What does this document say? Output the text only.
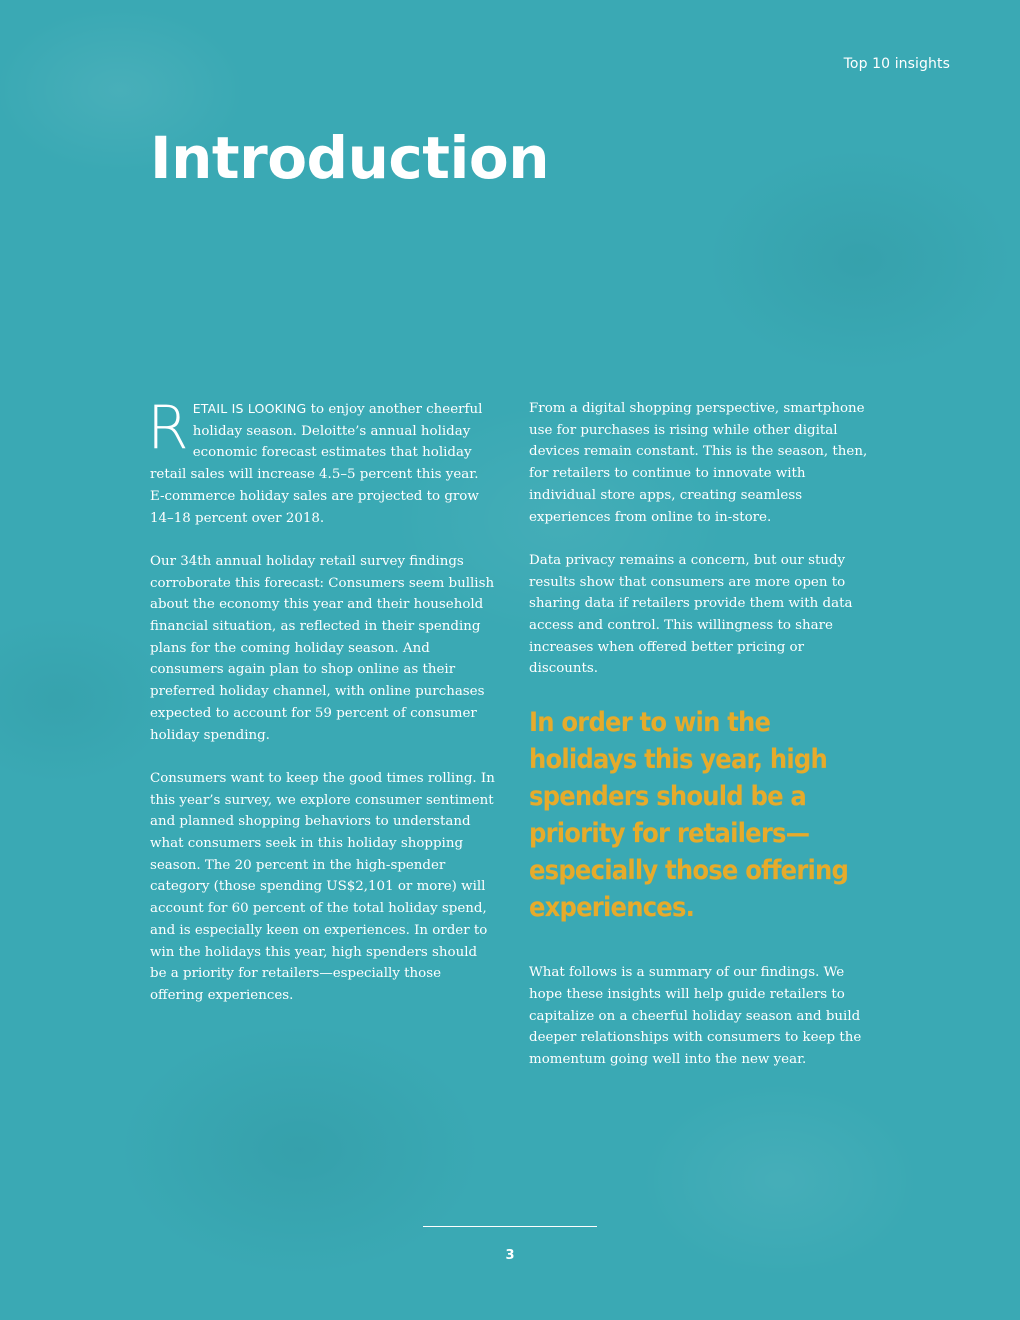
Top 10 insights
Introduction

RETAIL IS LOOKING to enjoy another cheerful holiday season. Deloitte’s annual holiday economic forecast estimates that holiday retail sales will increase 4.5–5 percent this year. E-commerce holiday sales are projected to grow 14–18 percent over 2018.

Our 34th annual holiday retail survey findings corroborate this forecast: Consumers seem bullish about the economy this year and their household financial situation, as reflected in their spending plans for the coming holiday season. And consumers again plan to shop online as their preferred holiday channel, with online purchases expected to account for 59 percent of consumer holiday spending.

Consumers want to keep the good times rolling. In this year’s survey, we explore consumer sentiment and planned shopping behaviors to understand what consumers seek in this holiday shopping season. The 20 percent in the high-spender category (those spending US$2,101 or more) will account for 60 percent of the total holiday spend, and is especially keen on experiences. In order to win the holidays this year, high spenders should be a priority for retailers—especially those offering experiences.

From a digital shopping perspective, smartphone use for purchases is rising while other digital devices remain constant. This is the season, then, for retailers to continue to innovate with individual store apps, creating seamless experiences from online to in-store.

Data privacy remains a concern, but our study results show that consumers are more open to sharing data if retailers provide them with data access and control. This willingness to share increases when offered better pricing or discounts.

In order to win the holidays this year, high spenders should be a priority for retailers—especially those offering experiences.

What follows is a summary of our findings. We hope these insights will help guide retailers to capitalize on a cheerful holiday season and build deeper relationships with consumers to keep the momentum going well into the new year.

3
